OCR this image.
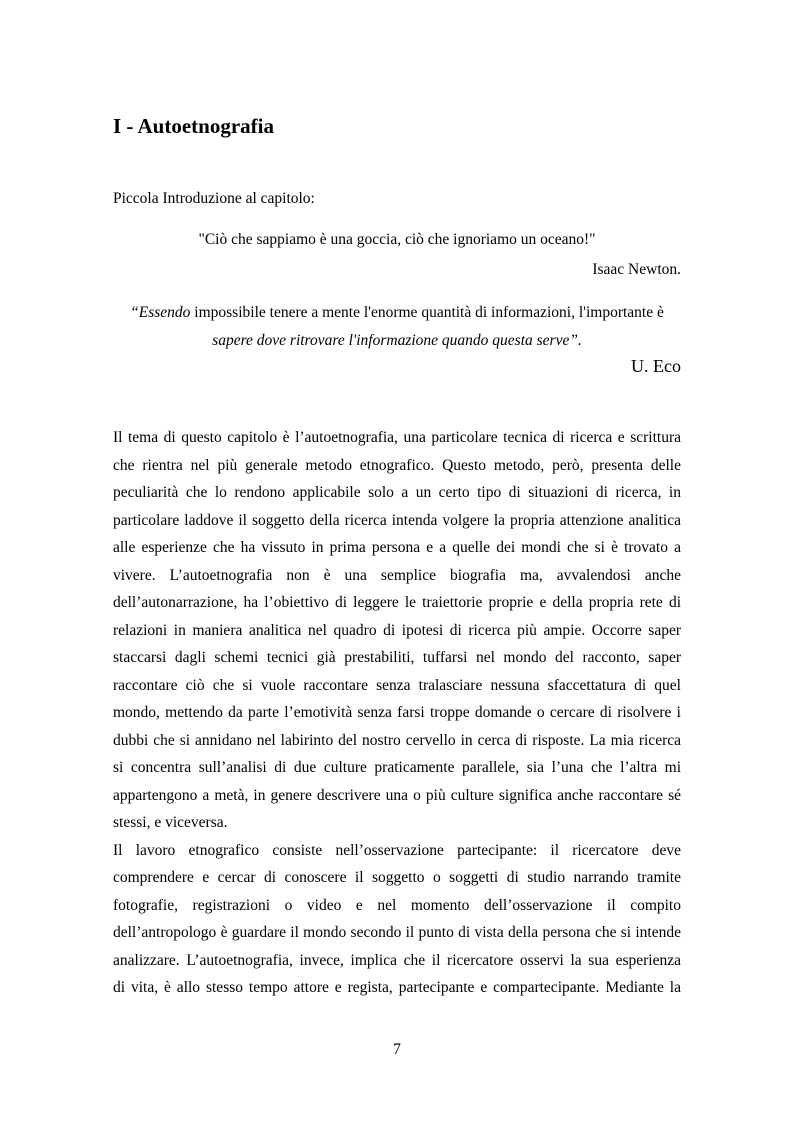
I - Autoetnografia
Piccola Introduzione al capitolo:
"Ciò che sappiamo è una goccia, ciò che ignoriamo un oceano!"
Isaac Newton.
“Essendo impossibile tenere a mente l'enorme quantità di informazioni, l'importante è
sapere dove ritrovare l'informazione quando questa serve”.
U. Eco
Il tema di questo capitolo è l’autoetnografia, una particolare tecnica di ricerca e scrittura
che rientra nel più generale metodo etnografico. Questo metodo, però, presenta delle
peculiarità che lo rendono applicabile solo a un certo tipo di situazioni di ricerca, in
particolare laddove il soggetto della ricerca intenda volgere la propria attenzione analitica
alle esperienze che ha vissuto in prima persona e a quelle dei mondi che si è trovato a
vivere. L’autoetnografia non è una semplice biografia ma, avvalendosi anche
dell’autonarrazione, ha l’obiettivo di leggere le traiettorie proprie e della propria rete di
relazioni in maniera analitica nel quadro di ipotesi di ricerca più ampie. Occorre saper
staccarsi dagli schemi tecnici già prestabiliti, tuffarsi nel mondo del racconto, saper
raccontare ciò che si vuole raccontare senza tralasciare nessuna sfaccettatura di quel
mondo, mettendo da parte l’emotività senza farsi troppe domande o cercare di risolvere i
dubbi che si annidano nel labirinto del nostro cervello in cerca di risposte. La mia ricerca
si concentra sull’analisi di due culture praticamente parallele, sia l’una che l’altra mi
appartengono a metà, in genere descrivere una o più culture significa anche raccontare sé
stessi, e viceversa.
Il lavoro etnografico consiste nell’osservazione partecipante: il ricercatore deve
comprendere e cercar di conoscere il soggetto o soggetti di studio narrando tramite
fotografie, registrazioni o video e nel momento dell’osservazione il compito
dell’antropologo è guardare il mondo secondo il punto di vista della persona che si intende
analizzare. L’autoetnografia, invece, implica che il ricercatore osservi la sua esperienza
di vita, è allo stesso tempo attore e regista, partecipante e compartecipante. Mediante la
7
